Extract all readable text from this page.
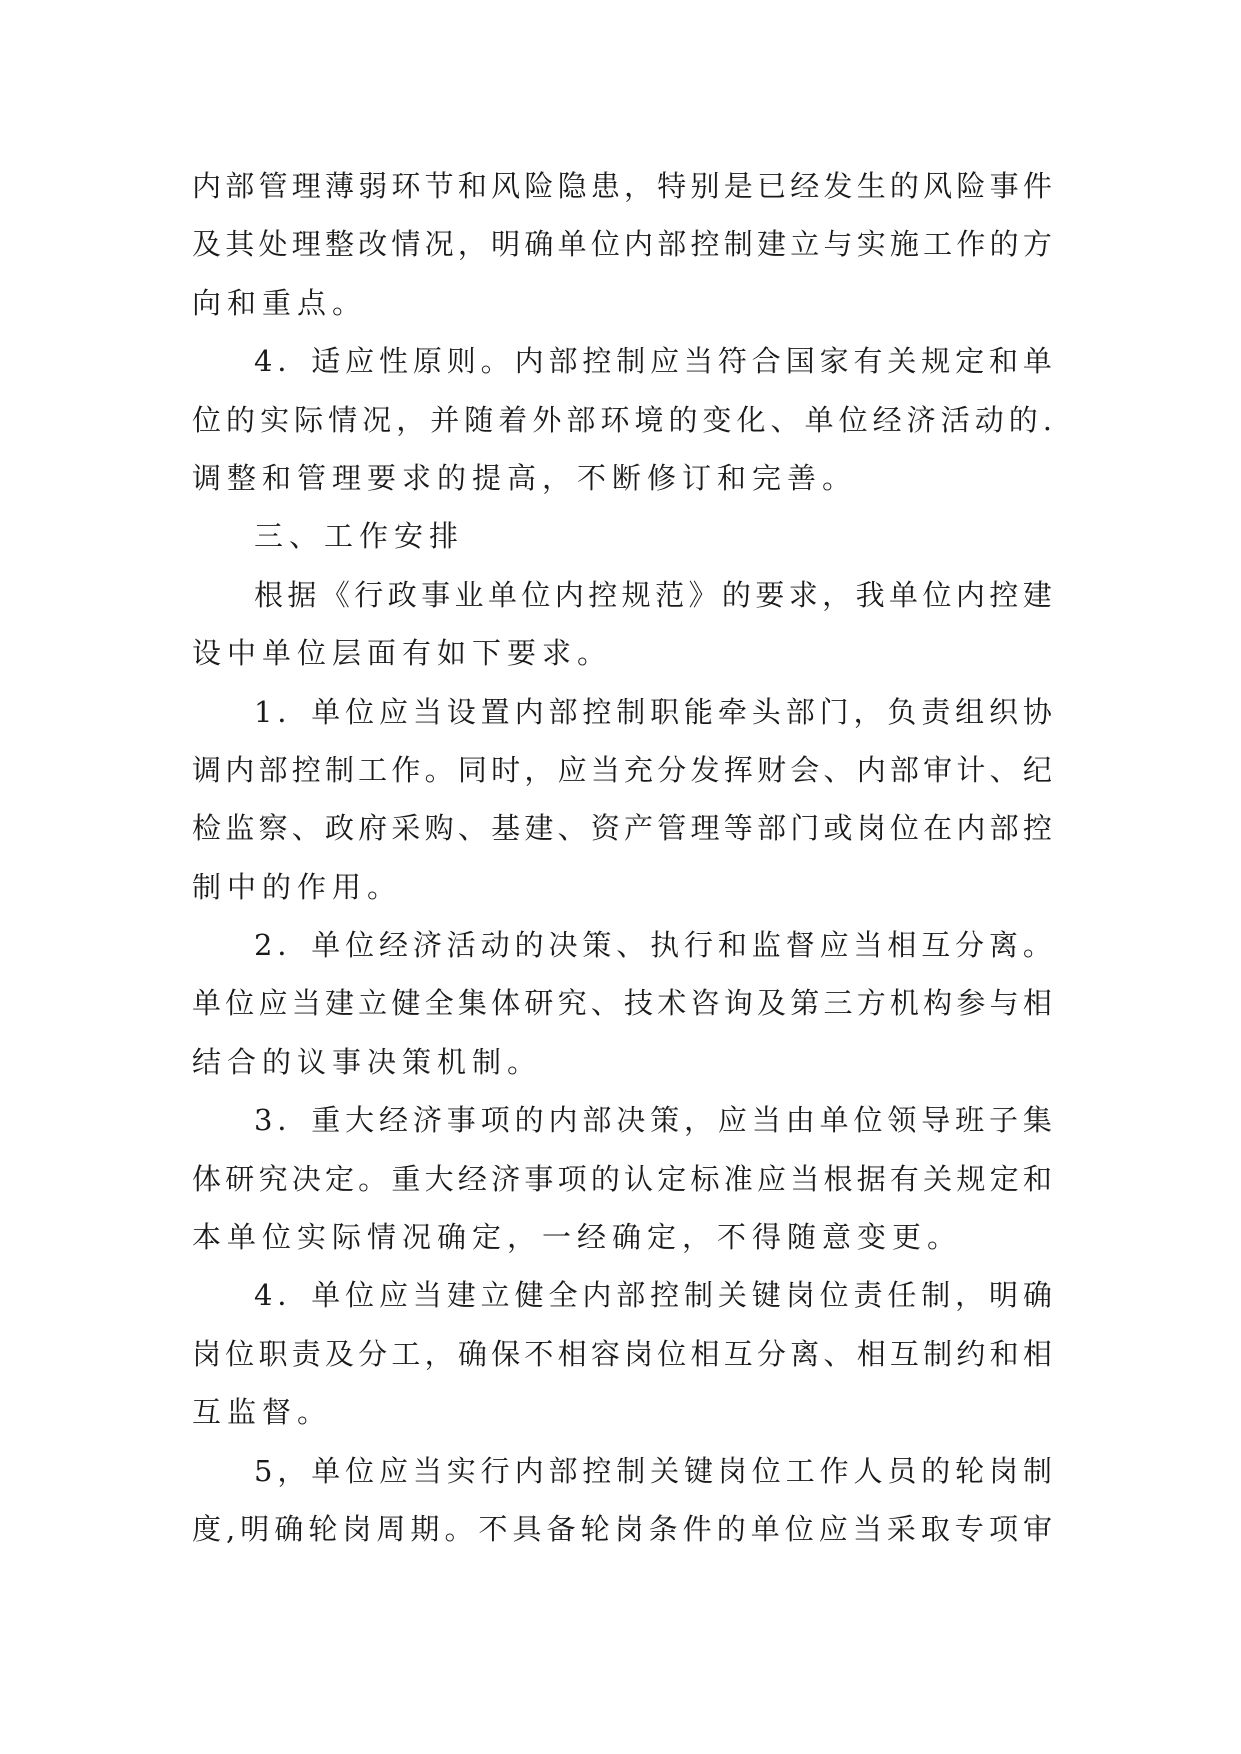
内 部 管 理 薄 弱 环 节 和 风 险 隐 患 ， 特 别 是 已 经 发 生 的 风 险 事 件
及 其 处 理 整 改 情 况 ， 明 确 单 位 内 部 控 制 建 立 与 实 施 工 作 的 方
向和重点。
4 ． 适 应 性 原 则 。 内 部 控 制 应 当 符 合 国 家 有 关 规 定 和 单
位 的 实 际 情 况 ， 并 随 着 外 部 环 境 的 变 化 、 单 位 经 济 活 动 的 .
调整和管理要求的提高，不断修订和完善。
三、工作安排
根 据 《 行 政 事 业 单 位 内 控 规 范 》 的 要 求 ， 我 单 位 内 控 建
设中单位层面有如下要求。
1 ． 单 位 应 当 设 置 内 部 控 制 职 能 牵 头 部 门 ， 负 责 组 织 协
调 内 部 控 制 工 作 。 同 时 ， 应 当 充 分 发 挥 财 会 、 内 部 审 计 、 纪
检 监 察 、 政 府 采 购 、 基 建 、 资 产 管 理 等 部 门 或 岗 位 在 内 部 控
制中的作用。
2 ． 单 位 经 济 活 动 的 决 策 、 执 行 和 监 督 应 当 相 互 分 离 。
单 位 应 当 建 立 健 全 集 体 研 究 、 技 术 咨 询 及 第 三 方 机 构 参 与 相
结合的议事决策机制。
3 ． 重 大 经 济 事 项 的 内 部 决 策 ， 应 当 由 单 位 领 导 班 子 集
体 研 究 决 定 。 重 大 经 济 事 项 的 认 定 标 准 应 当 根 据 有 关 规 定 和
本单位实际情况确定，一经确定，不得随意变更。
4 ． 单 位 应 当 建 立 健 全 内 部 控 制 关 键 岗 位 责 任 制 ， 明 确
岗 位 职 责 及 分 工 ， 确 保 不 相 容 岗 位 相 互 分 离 、 相 互 制 约 和 相
互监督。
5 ， 单 位 应 当 实 行 内 部 控 制 关 键 岗 位 工 作 人 员 的 轮 岗 制
度 , 明 确 轮 岗 周 期 。 不 具 备 轮 岗 条 件 的 单 位 应 当 采 取 专 项 审
